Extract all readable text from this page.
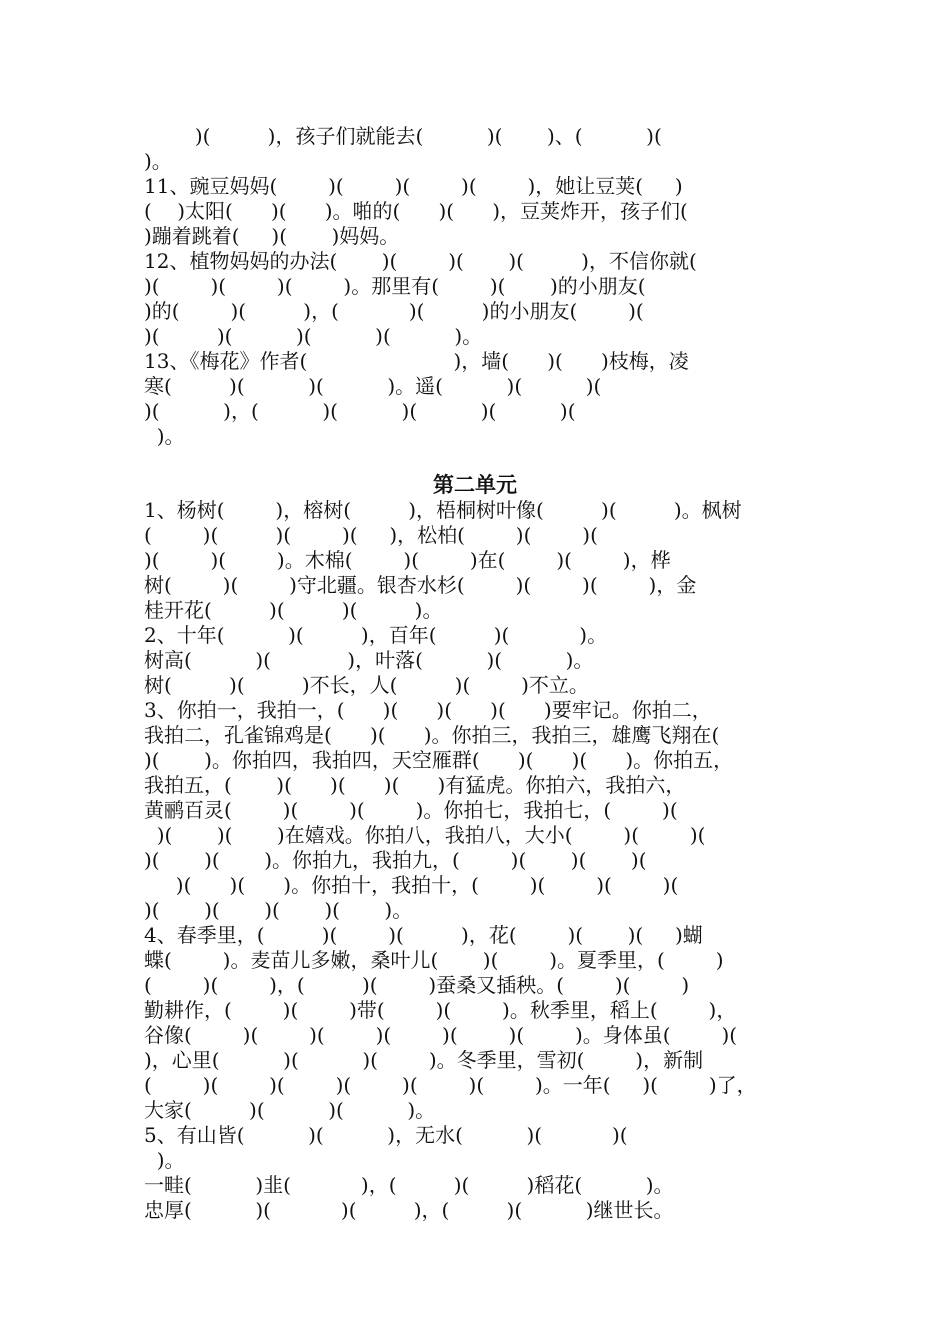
)(         )，孩子们就能去(          )(       )、(          )(
)。
11、豌豆妈妈(        )(        )(        )(        )，她让豆荚(     )
(    )太阳(      )(      )。啪的(      )(      )，豆荚炸开，孩子们(
)蹦着跳着(     )(       )妈妈。
12、植物妈妈的办法(       )(        )(       )(         )，不信你就(
)(        )(        )(        )。那里有(        )(       )的小朋友(
)的(        )(         )，(           )(         )的小朋友(        )(
)(         )(          )(          )(          )。
13、《梅花》作者(                       )，墙(      )(      )枝梅，凌
寒(         )(          )(          )。遥(          )(          )(
)(          )，(          )(          )(          )(          )(
)。
第二单元
1、杨树(        )，榕树(         )，梧桐树叶像(         )(         )。枫树
(        )(         )(        )(     )，松柏(        )(        )(
)(        )(        )。木棉(        )(        )在(        )(        )，桦
树(        )(        )守北疆。银杏水杉(        )(        )(        )，金
桂开花(         )(         )(         )。
2、十年(          )(         )，百年(         )(           )。
树高(          )(            )，叶落(          )(          )。
树(         )(         )不长，人(         )(        )不立。
3、你拍一，我拍一，(      )(      )(      )(      )要牢记。你拍二，
我拍二，孔雀锦鸡是(      )(      )。你拍三，我拍三，雄鹰飞翔在(
)(       )。你拍四，我拍四，天空雁群(      )(      )(      )。你拍五，
我拍五，(       )(      )(      )(      )有猛虎。你拍六，我拍六，
黄鹂百灵(        )(        )(        )。你拍七，我拍七，(        )(
)(       )(       )在嬉戏。你拍八，我拍八，大小(        )(        )(
)(       )(       )。你拍九，我拍九，(        )(       )(       )(
)(      )(      )。你拍十，我拍十，(        )(        )(        )(
)(       )(       )(       )(       )。
4、春季里，(         )(        )(         )，花(        )(       )(     )蝴
蝶(        )。麦苗儿多嫩，桑叶儿(       )(        )。夏季里，(        )
(        )(        )，(         )(        )蚕桑又插秧。(        )(        )
勤耕作，(        )(        )带(        )(        )。秋季里，稻上(        )，
谷像(        )(        )(        )(        )(        )(        )。身体虽(        )(
)，心里(          )(          )(        )。冬季里，雪初(        )，新制
(        )(        )(        )(        )(        )(        )。一年(     )(        )了，
大家(         )(          )(          )。
5、有山皆(          )(          )，无水(          )(           )(
)。
一畦(          )韭(           )，(         )(         )稻花(          )。
忠厚(          )(           )(         )，(         )(          )继世长。
